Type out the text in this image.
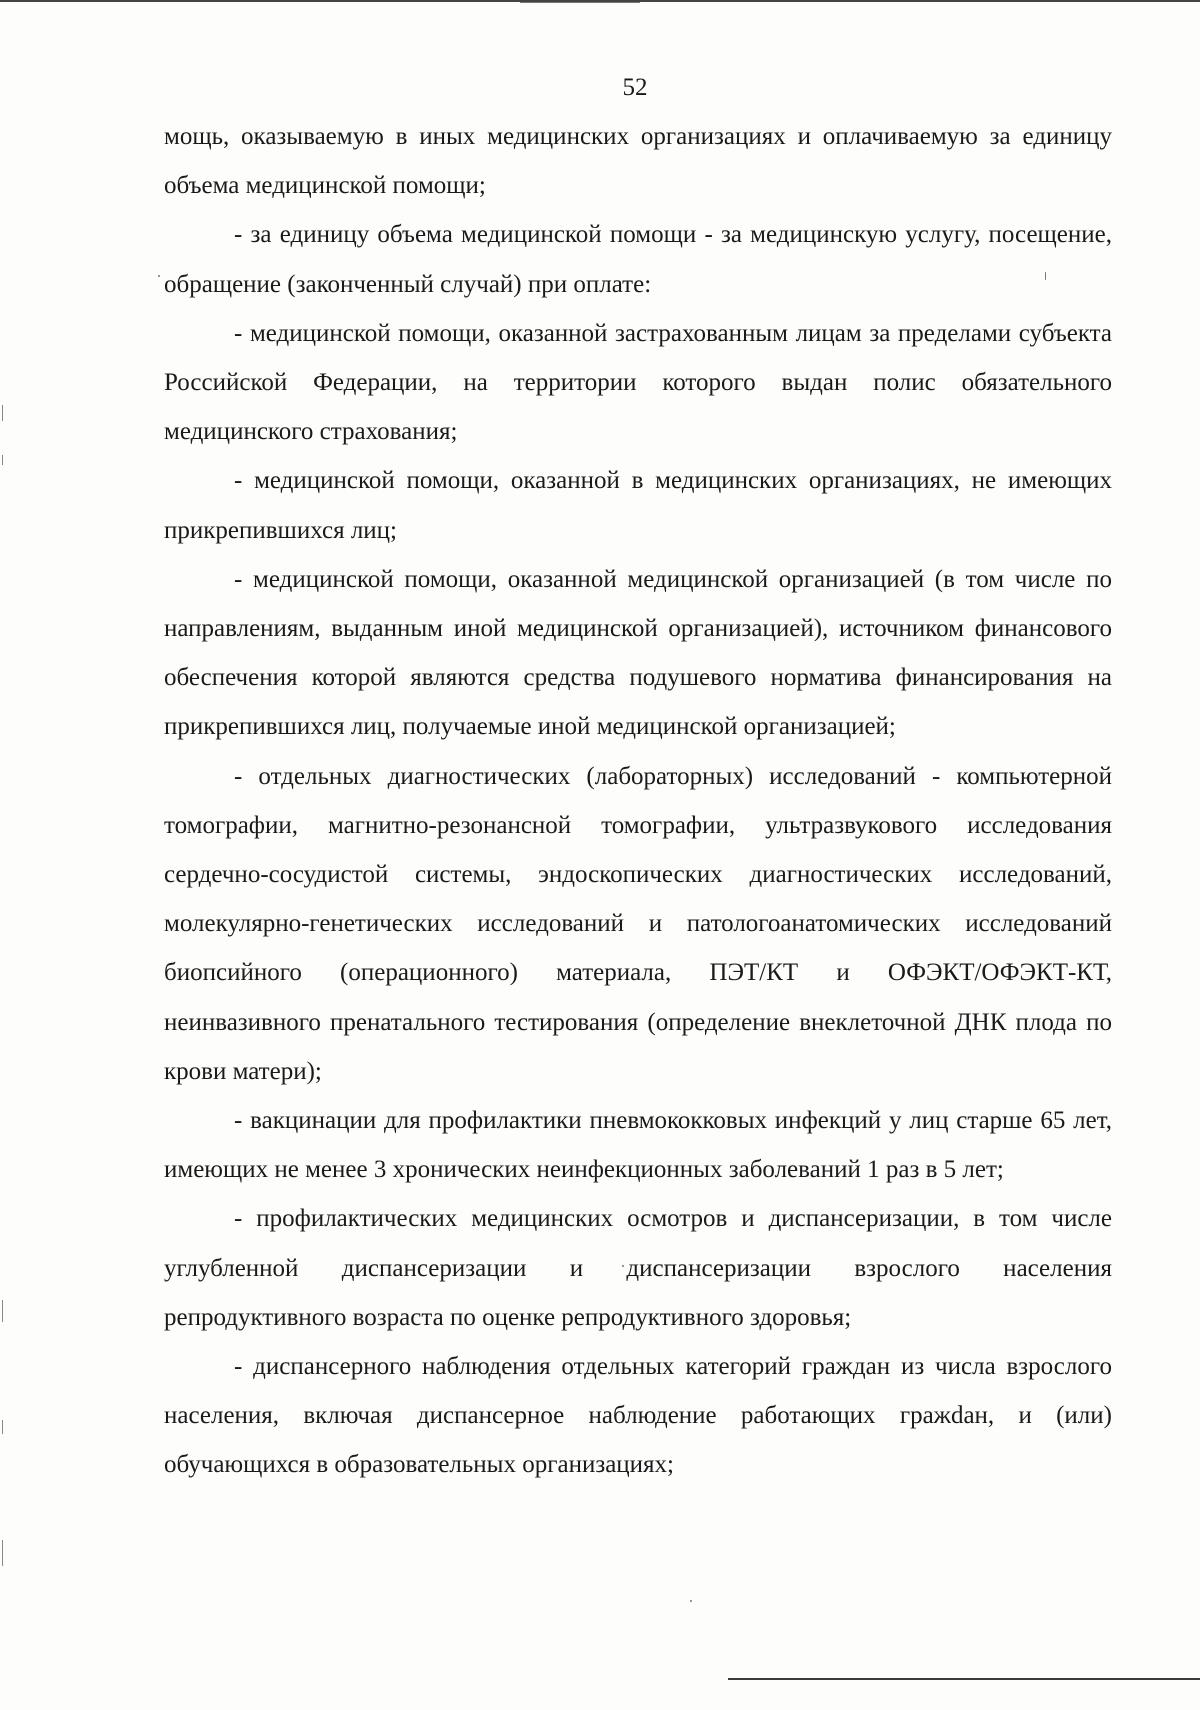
52

мощь, оказываемую в иных медицинских организациях и оплачиваемую за единицу объема медицинской помощи;

- за единицу объема медицинской помощи - за медицинскую услугу, посещение, обращение (законченный случай) при оплате:

- медицинской помощи, оказанной застрахованным лицам за пределами субъекта Российской Федерации, на территории которого выдан полис обязательного медицинского страхования;

- медицинской помощи, оказанной в медицинских организациях, не имеющих прикрепившихся лиц;

- медицинской помощи, оказанной медицинской организацией (в том числе по направлениям, выданным иной медицинской организацией), источником финансового обеспечения которой являются средства подушевого норматива финансирования на прикрепившихся лиц, получаемые иной медицинской организацией;

- отдельных диагностических (лабораторных) исследований - компьютерной томографии, магнитно-резонансной томографии, ультразвукового исследования сердечно-сосудистой системы, эндоскопических диагностических исследований, молекулярно-генетических исследований и патологоанатомических исследований биопсийного (операционного) материала, ПЭТ/КТ и ОФЭКТ/ОФЭКТ-КТ, неинвазивного пренатального тестирования (определение внеклеточной ДНК плода по крови матери);

- вакцинации для профилактики пневмококковых инфекций у лиц старше 65 лет, имеющих не менее 3 хронических неинфекционных заболеваний 1 раз в 5 лет;

- профилактических медицинских осмотров и диспансеризации, в том числе углубленной диспансеризации и диспансеризации взрослого населения репродуктивного возраста по оценке репродуктивного здоровья;

- диспансерного наблюдения отдельных категорий граждан из числа взрослого населения, включая диспансерное наблюдение работающих гражdан, и (или) обучающихся в образовательных организациях;
